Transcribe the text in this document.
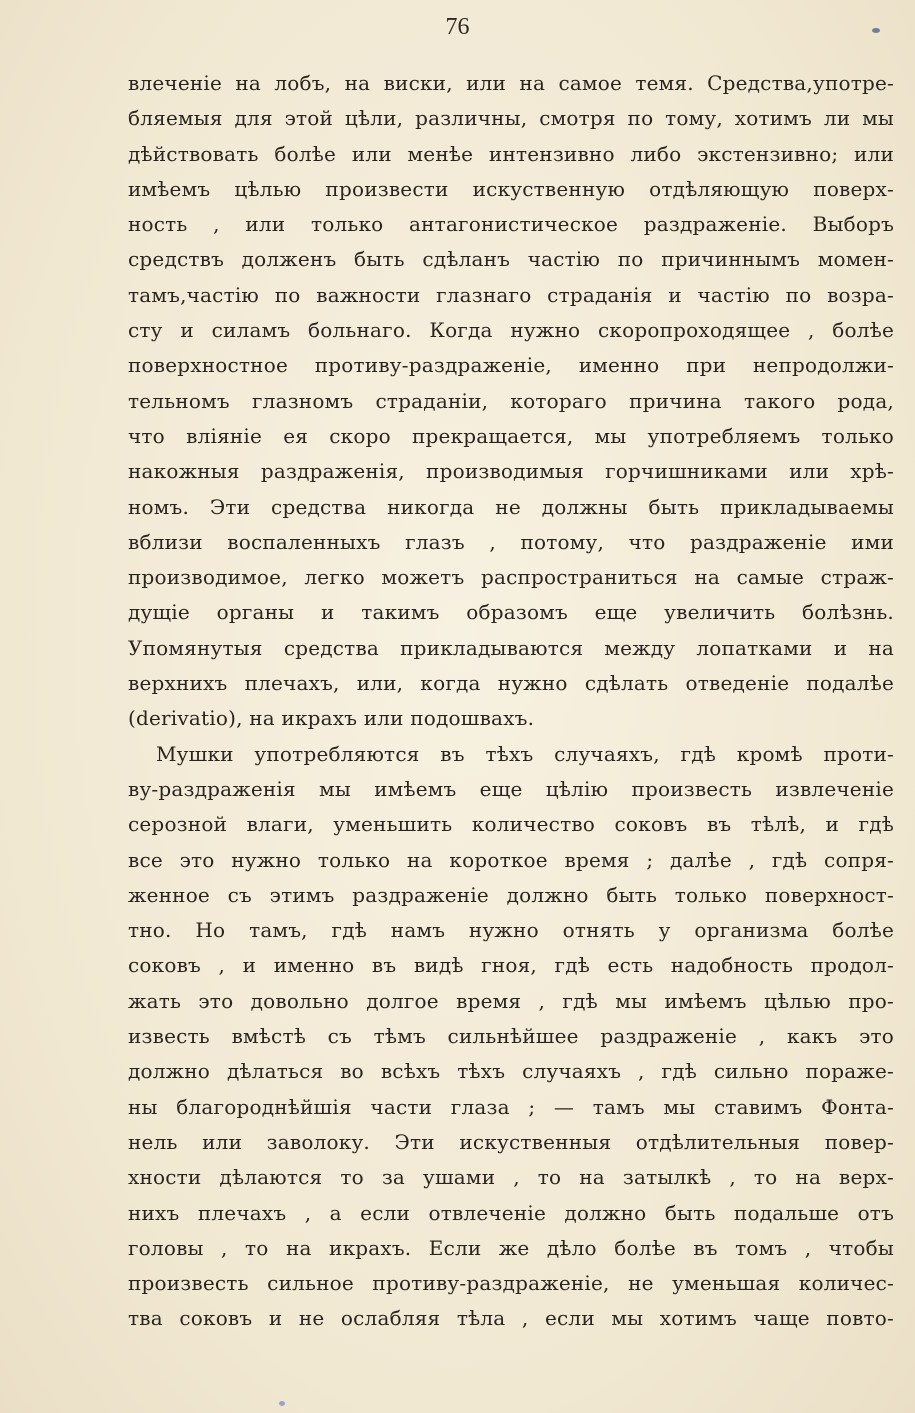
76
влеченіе на лобъ, на виски, или на самое темя. Средства,употре-
бляемыя для этой цѣли, различны, смотря по тому, хотимъ ли мы
дѣйствовать болѣе или менѣе интензивно либо экстензивно; или
имѣемъ цѣлью произвести искуственную отдѣляющую поверх-
ность , или только антагонистическое раздраженіе. Выборъ
средствъ долженъ быть сдѣланъ частію по причиннымъ момен-
тамъ,частію по важности глазнаго страданія и частію по возра-
сту и силамъ больнаго. Когда нужно скоропроходящее , болѣе
поверхностное противу-раздраженіе, именно при непродолжи-
тельномъ глазномъ страданіи, котораго причина такого рода,
что вліяніе ея скоро прекращается, мы употребляемъ только
накожныя раздраженія, производимыя горчишниками или хрѣ-
номъ. Эти средства никогда не должны быть прикладываемы
вблизи воспаленныхъ глазъ , потому, что раздраженіе ими
производимое, легко можетъ распространиться на самые страж-
дущіе органы и такимъ образомъ еще увеличить болѣзнь.
Упомянутыя средства прикладываются между лопатками и на
верхнихъ плечахъ, или, когда нужно сдѣлать отведеніе подалѣе
(derivatio), на икрахъ или подошвахъ.
Мушки употребляются въ тѣхъ случаяхъ, гдѣ кромѣ проти-
ву-раздраженія мы имѣемъ еще цѣлію произвесть извлеченіе
серозной влаги, уменьшить количество соковъ въ тѣлѣ, и гдѣ
все это нужно только на короткое время ; далѣе , гдѣ сопря-
женное съ этимъ раздраженіе должно быть только поверхност-
тно. Но тамъ, гдѣ намъ нужно отнять у организма болѣе
соковъ , и именно въ видѣ гноя, гдѣ есть надобность продол-
жать это довольно долгое время , гдѣ мы имѣемъ цѣлью про-
известь вмѣстѣ съ тѣмъ сильнѣйшее раздраженіе , какъ это
должно дѣлаться во всѣхъ тѣхъ случаяхъ , гдѣ сильно пораже-
ны благороднѣйшія части глаза ; — тамъ мы ставимъ Фонта-
нель или заволоку. Эти искуственныя отдѣлительныя повер-
хности дѣлаются то за ушами , то на затылкѣ , то на верх-
нихъ плечахъ , а если отвлеченіе должно быть подальше отъ
головы , то на икрахъ. Если же дѣло болѣе въ томъ , чтобы
произвесть сильное противу-раздраженіе, не уменьшая количес-
тва соковъ и не ослабляя тѣла , если мы хотимъ чаще повто-
